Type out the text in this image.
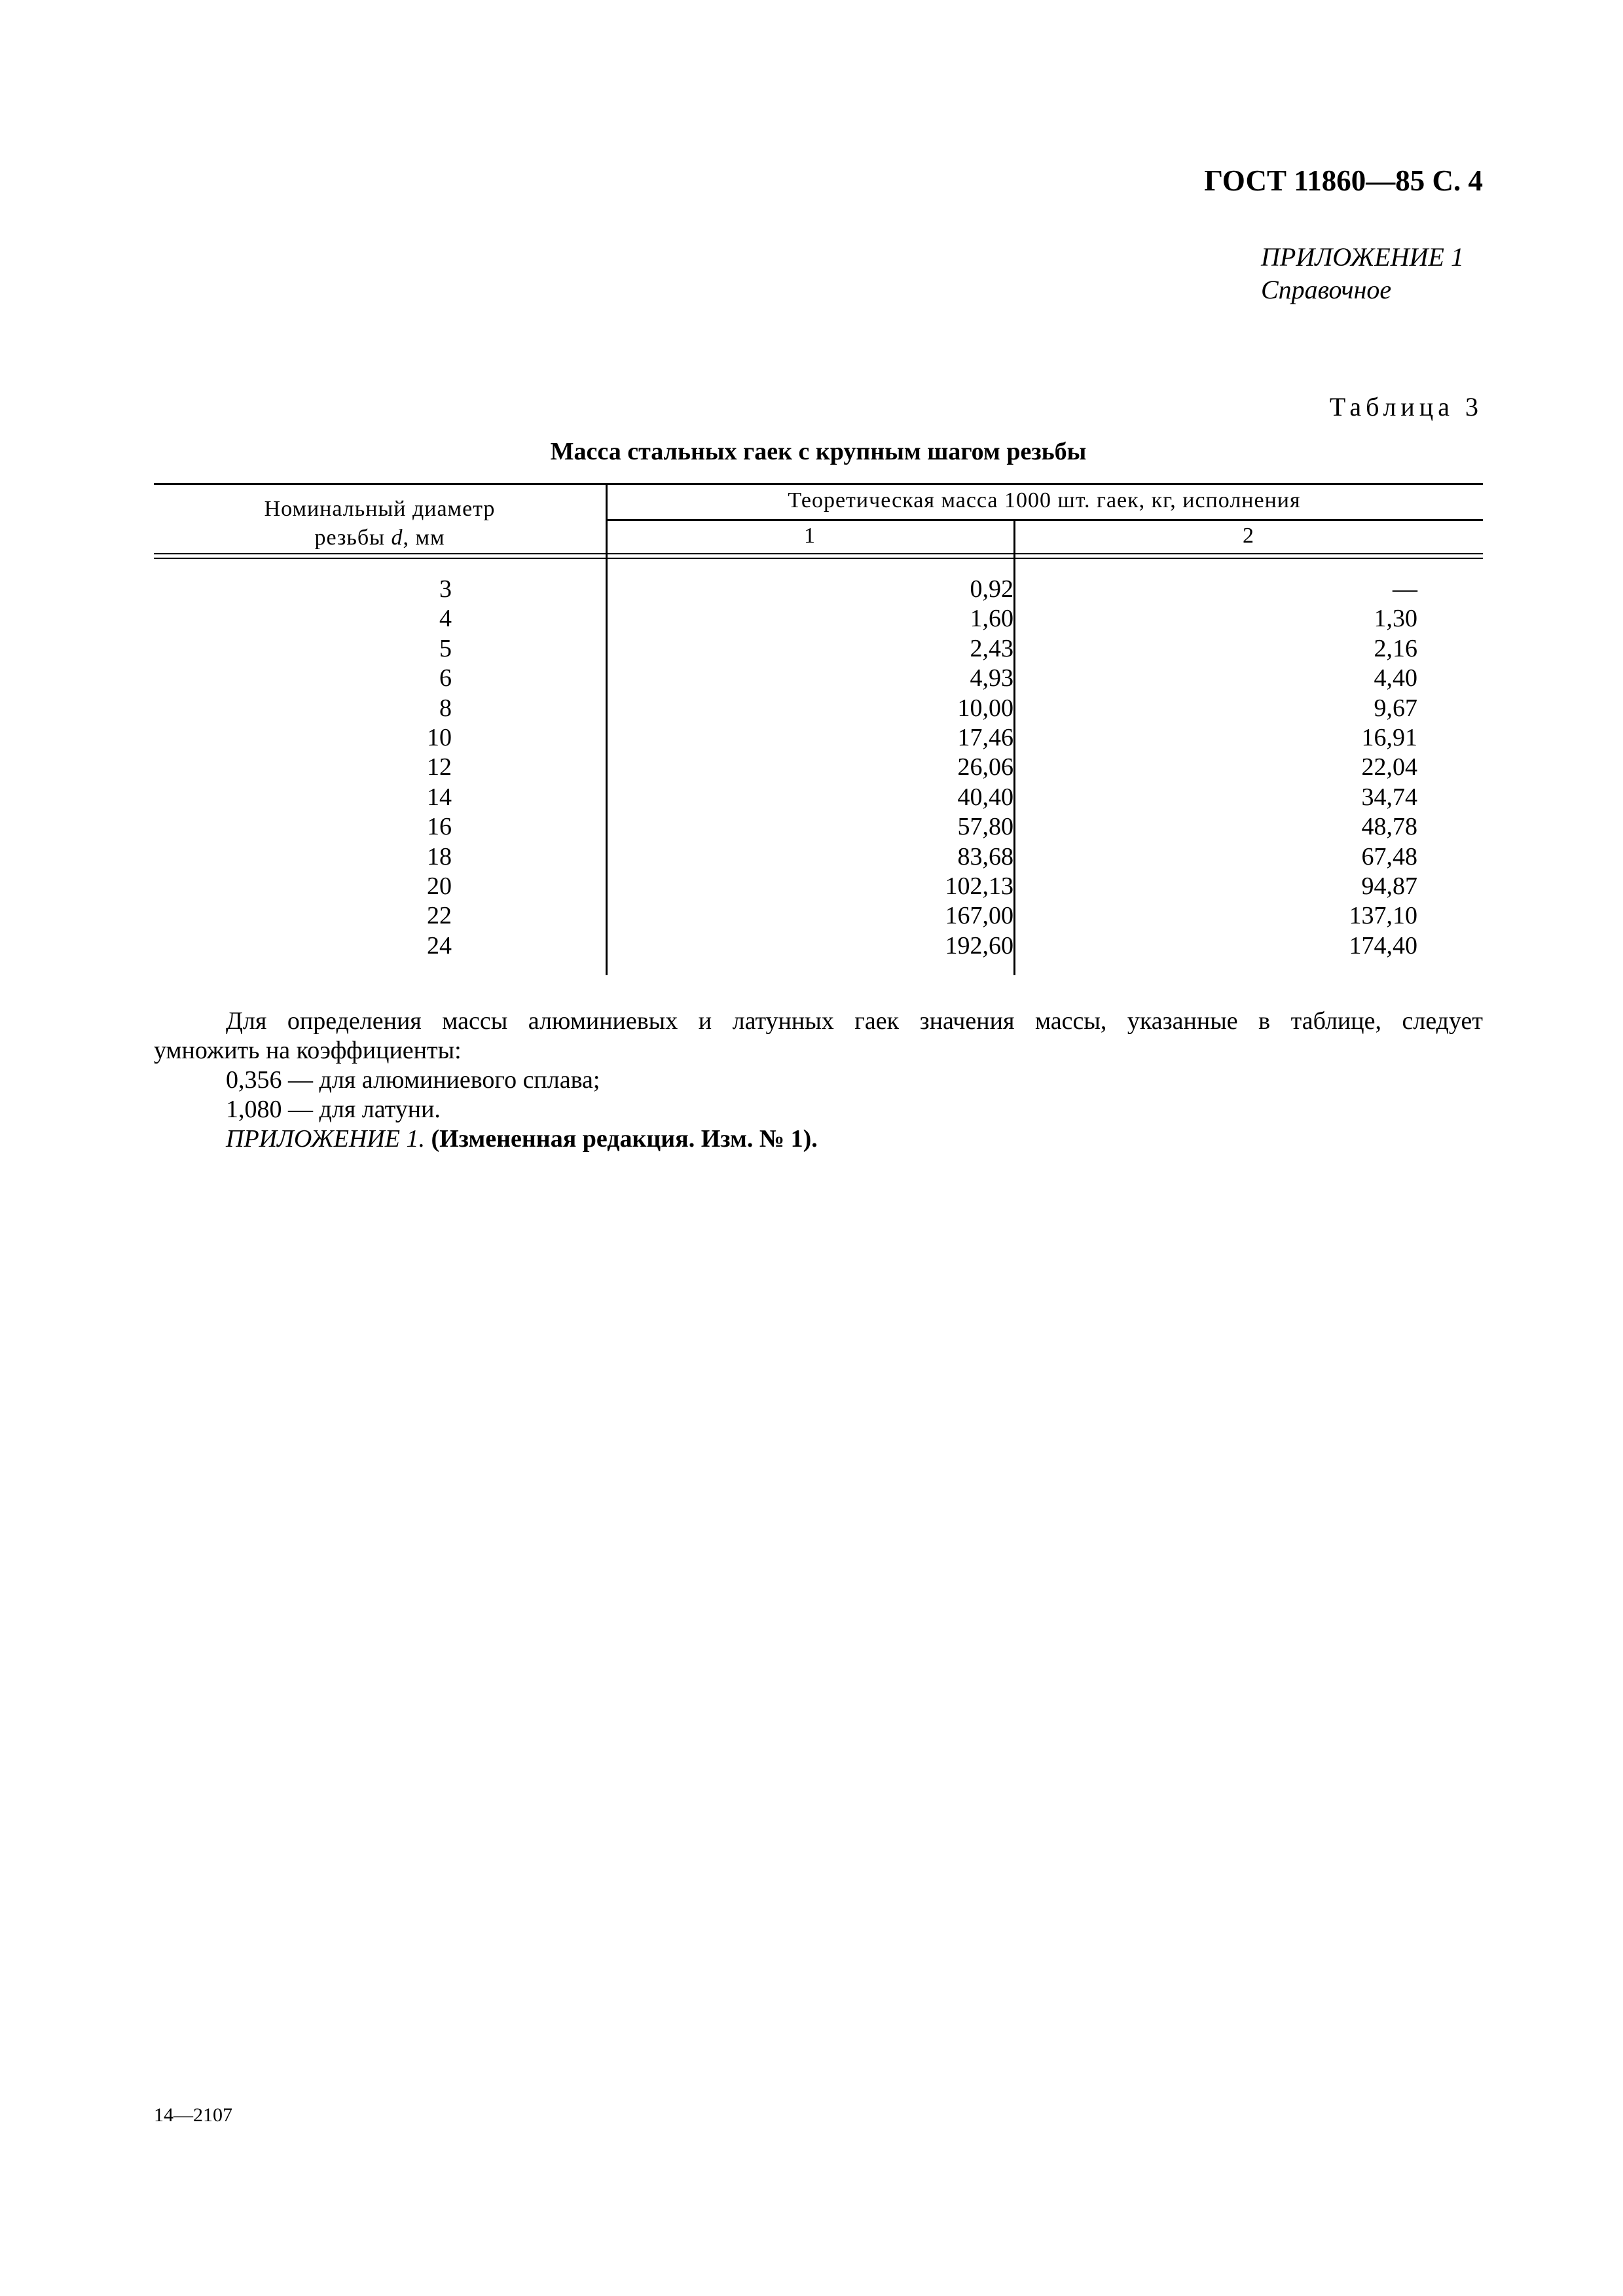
ГОСТ 11860—85 С. 4
ПРИЛОЖЕНИЕ 1
Справочное
Таблица 3
Масса стальных гаек с крупным шагом резьбы
Номинальный диаметр
резьбы d, мм
Теоретическая масса 1000 шт. гаек, кг, исполнения
1	2
3
4
5
6
8
10
12
14
16
18
20
22
24
0,92
1,60
2,43
4,93
10,00
17,46
26,06
40,40
57,80
83,68
102,13
167,00
192,60
—
1,30
2,16
4,40
9,67
16,91
22,04
34,74
48,78
67,48
94,87
137,10
174,40

Для определения массы алюминиевых и латунных гаек значения массы, указанные в таблице, следует

умножить на коэффициенты:

0,356 — для алюминиевого сплава;

1,080 — для латуни.

ПРИЛОЖЕНИЕ 1. (Измененная редакция. Изм. № 1).

14—2107
